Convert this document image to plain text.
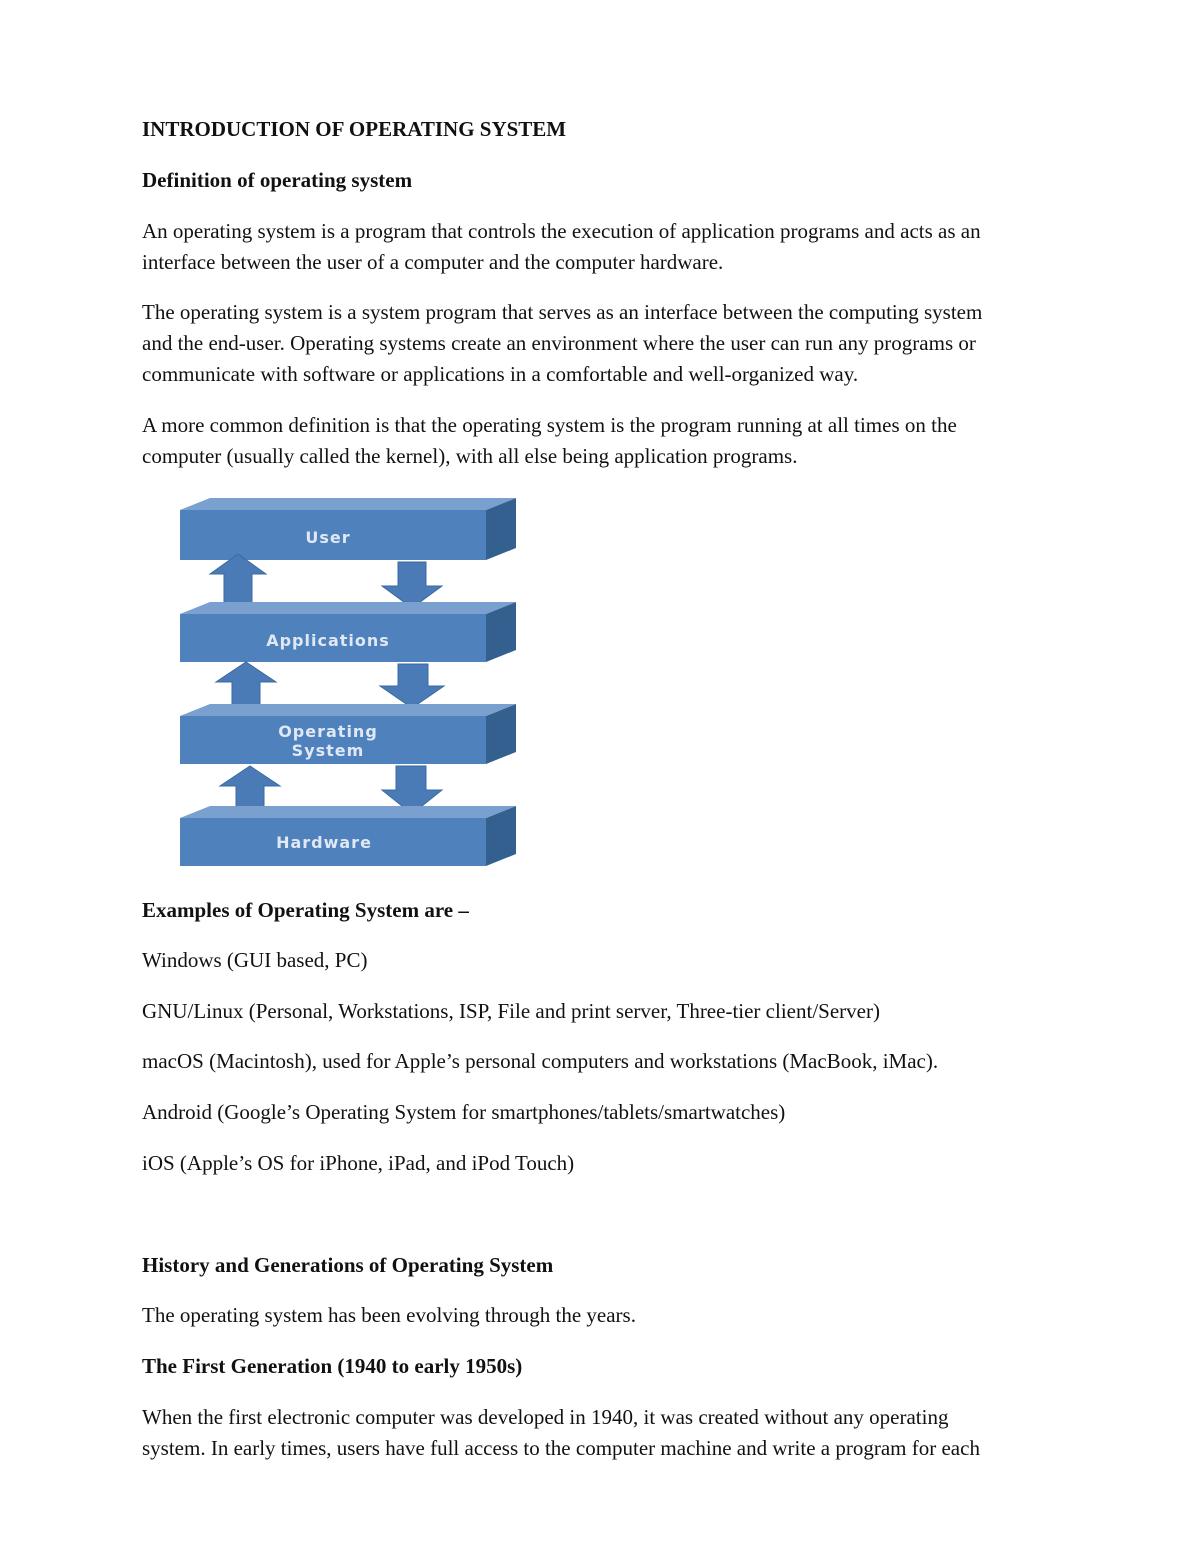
INTRODUCTION OF OPERATING SYSTEM

Definition of operating system

An operating system is a program that controls the execution of application programs and acts as an

interface between the user of a computer and the computer hardware.

The operating system is a system program that serves as an interface between the computing system

and the end-user. Operating systems create an environment where the user can run any programs or

communicate with software or applications in a comfortable and well-organized way.

A more common definition is that the operating system is the program running at all times on the

computer (usually called the kernel), with all else being application programs.

User
Applications
Operating
System
Hardware

Examples of Operating System are –

Windows (GUI based, PC)

GNU/Linux (Personal, Workstations, ISP, File and print server, Three-tier client/Server)

macOS (Macintosh), used for Apple’s personal computers and workstations (MacBook, iMac).

Android (Google’s Operating System for smartphones/tablets/smartwatches)

iOS (Apple’s OS for iPhone, iPad, and iPod Touch)

History and Generations of Operating System

The operating system has been evolving through the years.

The First Generation (1940 to early 1950s)

When the first electronic computer was developed in 1940, it was created without any operating

system. In early times, users have full access to the computer machine and write a program for each
